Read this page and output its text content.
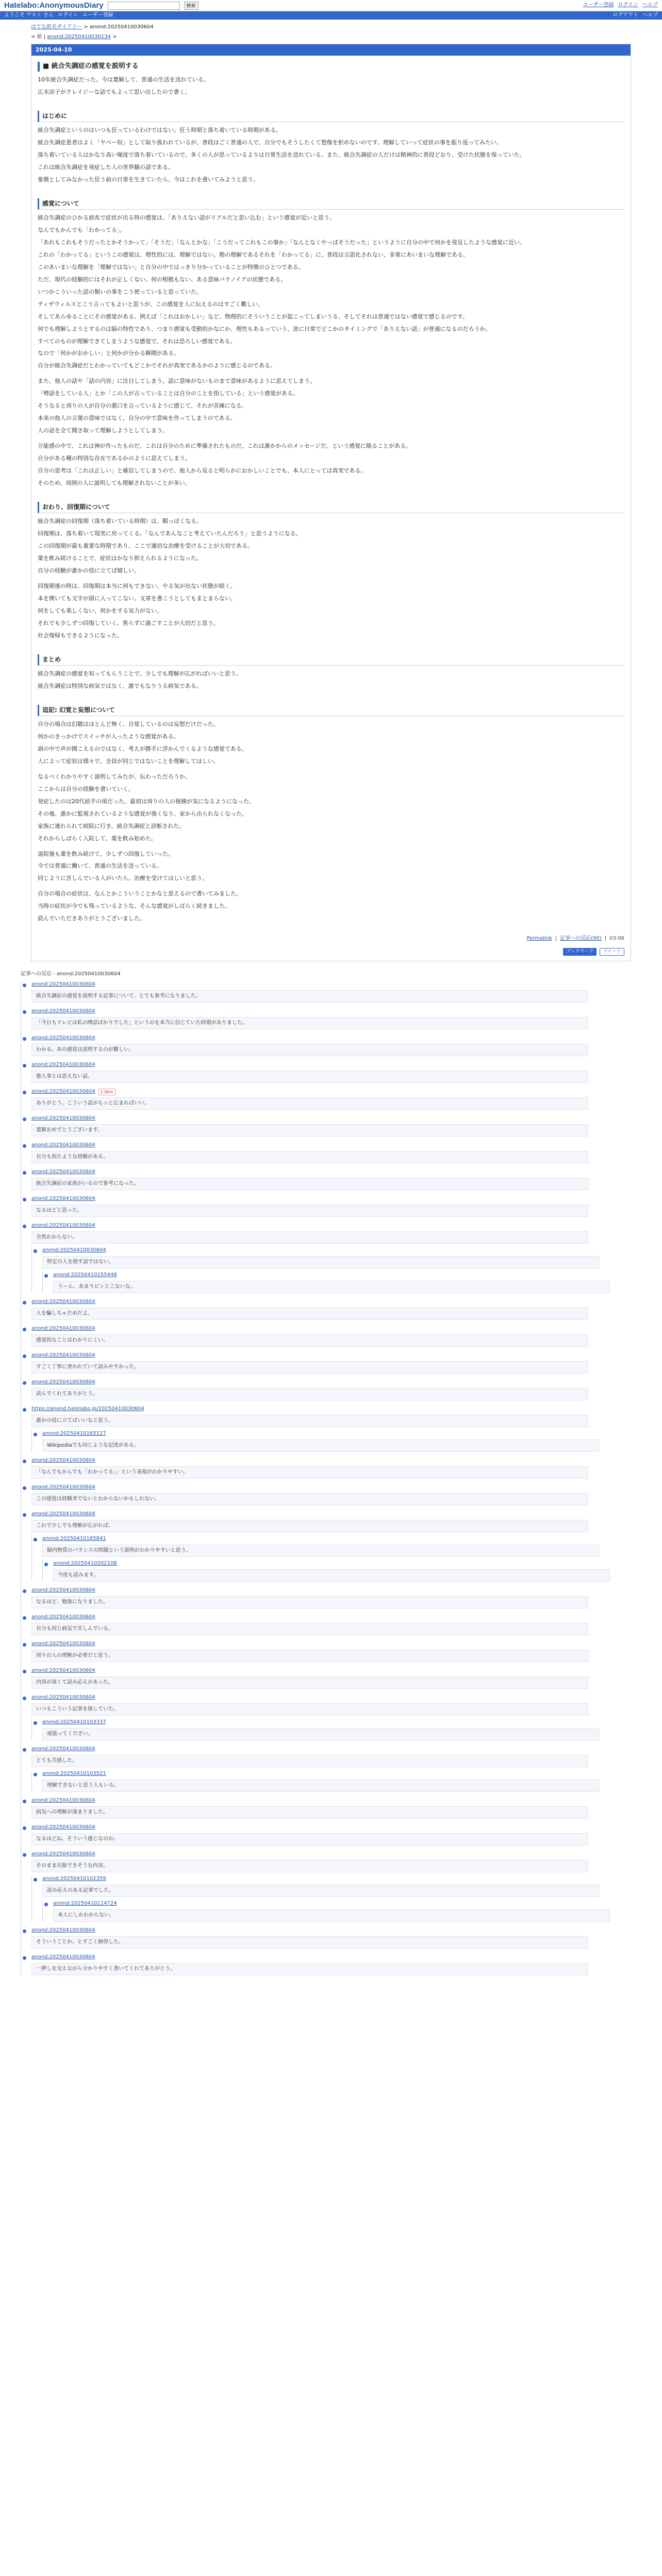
Hatelabo:AnonymousDiary	検索	ユーザー登録 ログイン ヘルプ
ようこそ ゲスト さん ログイン ユーザー登録	ログアウト ヘルプ
はてな匿名ダイアリー > anond:20250410030604
< 前 | anond:20250410030134 >
2025-04-10
■ 統合失調症の感覚を説明する

10年統合失調症だった。今は寛解して、普通の生活を送れている。

広末涼子がクレイジーな話でもよって思い出したので書く。

はじめに

統合失調症というのはいつも狂っているわけではない。狂う時期と落ち着いている時期がある。

統合失調症患者はよく「ヤベー奴」として取り扱われているが、普段はごく普通の人で、自分でもそうしたくて想像を拒めないのです。理解していって症状の事を振り返ってみたい。

落ち着いている人はかなり高い頻度で落ち着いているので、多くの人が思っているよりは日常生活を送れている。また、統合失調症の人だけは精神的に普段どおり、受けた状態を保っていた。

これは統合失調症を発症した人の世界観の話である。

象徴としてみなかった狂う前の日常を生きていたら、今はこれを書いてみようと思う。

感覚について

統合失調症のひかる前兆で症状が出る時の感覚は、「ありえない話がリアルだと思い込む」という感覚が近いと思う。

なんでもかんでも「わかってる」。

「あれもこれもそうだったとかそうかって」「そうだ」「なんとかな」「こうだってこれもこの事か」「なんとなくやっぱそうだった」というように自分の中で何かを発見したような感覚に近い。

これの「わかってる」というこの感覚は、理性的には、理解ではない。勘の理解であるそれを「わかってる」に、普段は言語化されない、非常にあいまいな理解である。

このあいまいな理解を「理解ではない」と自分の中ではっきり分かっていることが特徴のひとつである。

ただ、現代の経験的にはそれが正しくない。何の根拠もない、ある意味パラノイアの状態である。

いつかこういった話の類いの事をこう使っていると思っていた。

ティザウィルスとこう言ってもよいと思うが、この感覚を人に伝えるのはすごく難しい。

そしてあらゆることにその感覚がある。例えば「これはおかしい」など、物理的にそういうことが起こってしまいうる、そしてそれは普通ではない感覚で感じるのです。

何でも理解しようとするのは脳の特性であり、つまり感覚も受動的かなにか、理性もあるっていう、逆に日常でどこかのタイミングで「ありえない話」が普通になるのだろうか。

すべてのものが理解できてしまうような感覚で、それは恐ろしい感覚である。

なので「何かがおかしい」と何かが分かる瞬間がある。

自分が統合失調症だとわかっていてもどこかでそれが真実であるかのように感じるのである。

また、他人の話や「話の内容」に注目してしまう。話に意味がないものまで意味があるように思えてしまう。

「噂話をしている人」とか「この人が言っていることは自分のことを指している」という感覚がある。

そうなると周りの人が自分の悪口を言っているように感じて、それが苦痛になる。

本来の他人の言葉の意味ではなく、自分の中で意味を作ってしまうのである。

人の話を全て聞き取って理解しようとしてしまう。

万能感の中で、これは神が作ったものだ、これは自分のために準備されたものだ、これは誰かからのメッセージだ、という感覚に陥ることがある。

自分がある種の特別な存在であるかのように思えてしまう。

自分の思考は「これは正しい」と確信してしまうので、他人から見ると明らかにおかしいことでも、本人にとっては真実である。

そのため、周囲の人に説明しても理解されないことが多い。

おわり、回復期について

統合失調症の回復期（落ち着いている時期）は、暇っぽくなる。

回復期は、落ち着いて現実に戻ってくる。「なんであんなこと考えていたんだろう」と思うようになる。

この回復期が最も重要な時期であり、ここで適切な治療を受けることが大切である。

薬を飲み続けることで、症状はかなり抑えられるようになった。

自分の経験が誰かの役に立てば嬉しい。

回復期後の時は、回復期は本当に何もできない。やる気が出ない状態が続く。

本を開いても文字が頭に入ってこない。文章を書こうとしてもまとまらない。

何をしても楽しくない、何かをする気力がない。

それでも少しずつ回復していく。焦らずに過ごすことが大切だと思う。

社会復帰もできるようになった。

まとめ

統合失調症の感覚を知ってもらうことで、少しでも理解が広がればいいと思う。

統合失調症は特別な病気ではなく、誰でもなりうる病気である。

追記: 幻覚と妄想について

自分の場合は幻聴はほとんど無く、自覚しているのは妄想だけだった。

何かのきっかけでスイッチが入ったような感覚がある。

頭の中で声が聞こえるのではなく、考えが勝手に浮かんでくるような感覚である。

人によって症状は様々で、全員が同じではないことを理解してほしい。

なるべくわかりやすく説明してみたが、伝わっただろうか。

ここからは自分の経験を書いていく。

発症したのは20代前半の頃だった。最初は周りの人の視線が気になるようになった。

その後、誰かに監視されているような感覚が強くなり、家から出られなくなった。

家族に連れられて病院に行き、統合失調症と診断された。

それからしばらく入院して、薬を飲み始めた。

退院後も薬を飲み続けて、少しずつ回復していった。

今では普通に働いて、普通の生活を送っている。

同じように苦しんでいる人がいたら、治療を受けてほしいと思う。

自分の場合の症状は、なんとかこういうことかなと思えるので書いてみました。

当時の症状が今でも残っているような、そんな感覚がしばらく続きました。

読んでいただきありがとうございました。

Permalink | 記事への反応(90) | 03:06
ブックマーク	ツイート
記事への反応 - anond:20250410030604
anond:20250410030604
統合失調症の感覚を説明する記事について、とても参考になりました。
anond:20250410030604
「今日もテレビは私の噂話ばかりでした」というのを本当に信じていた時期がありました。
anond:20250410030604
わかる。あの感覚は説明するのが難しい。
anond:20250410030604
他人事とは思えない話。
anond:20250410030604	1.0km
ありがとう。こういう話がもっと広まればいい。
anond:20250410030604
寛解おめでとうございます。
anond:20250410030604
自分も似たような経験がある。
anond:20250410030604
統合失調症の家族がいるので参考になった。
anond:20250410030604
なるほどと思った。
anond:20250410030604
全然わからない。
anond:20250410030604
特定の人を指す話ではない。
anond:20250410155448
うーん、あまりピンとこないな。
anond:20250410030604
人を騙しちゃだめだよ。
anond:20250410030604
感覚的なことはわかりにくい。
anond:20250410030604
すごく丁寧に書かれていて読みやすかった。
anond:20250410030604
読んでくれてありがとう。
https://anond.hatelabo.jp/20250410030604
誰かの役に立てばいいなと思う。
anond:20250410165127
Wikipediaでも同じような記述がある。
anond:20250410030604
「なんでもかんでも「わかってる」」という表現がわかりやすい。
anond:20250410030604
この感覚は経験者でないとわからないかもしれない。
anond:20250410030604
これで少しでも理解が広がれば。
anond:20250410165841
脳内物質のバランスの問題という説明がわかりやすいと思う。
anond:20250410202108
今度も読みます。
anond:20250410030604
なるほど、勉強になりました。
anond:20250410030604
自分も同じ病気で苦しんでいる。
anond:20250410030604
周りの人の理解が必要だと思う。
anond:20250410030604
内容が深くて読み応えがあった。
anond:20250410030604
いつもこういう記事を探していた。
anond:20250410103337
頑張ってください。
anond:20250410030604
とても共感した。
anond:20250410103521
理解できないと思う人もいる。
anond:20250410030604
病気への理解が深まりました。
anond:20250410030604
なるほどね、そういう感じなのか。
anond:20250410030604
そのまま出版できそうな内容。
anond:20250410102359
読み応えのある記事でした。
anond:20250410114724
本人にしかわからない。
anond:20250410030604
そういうことか、とすごく納得した。
anond:20250410030604
一押しを交えながら分かりやすく書いてくれてありがとう。
